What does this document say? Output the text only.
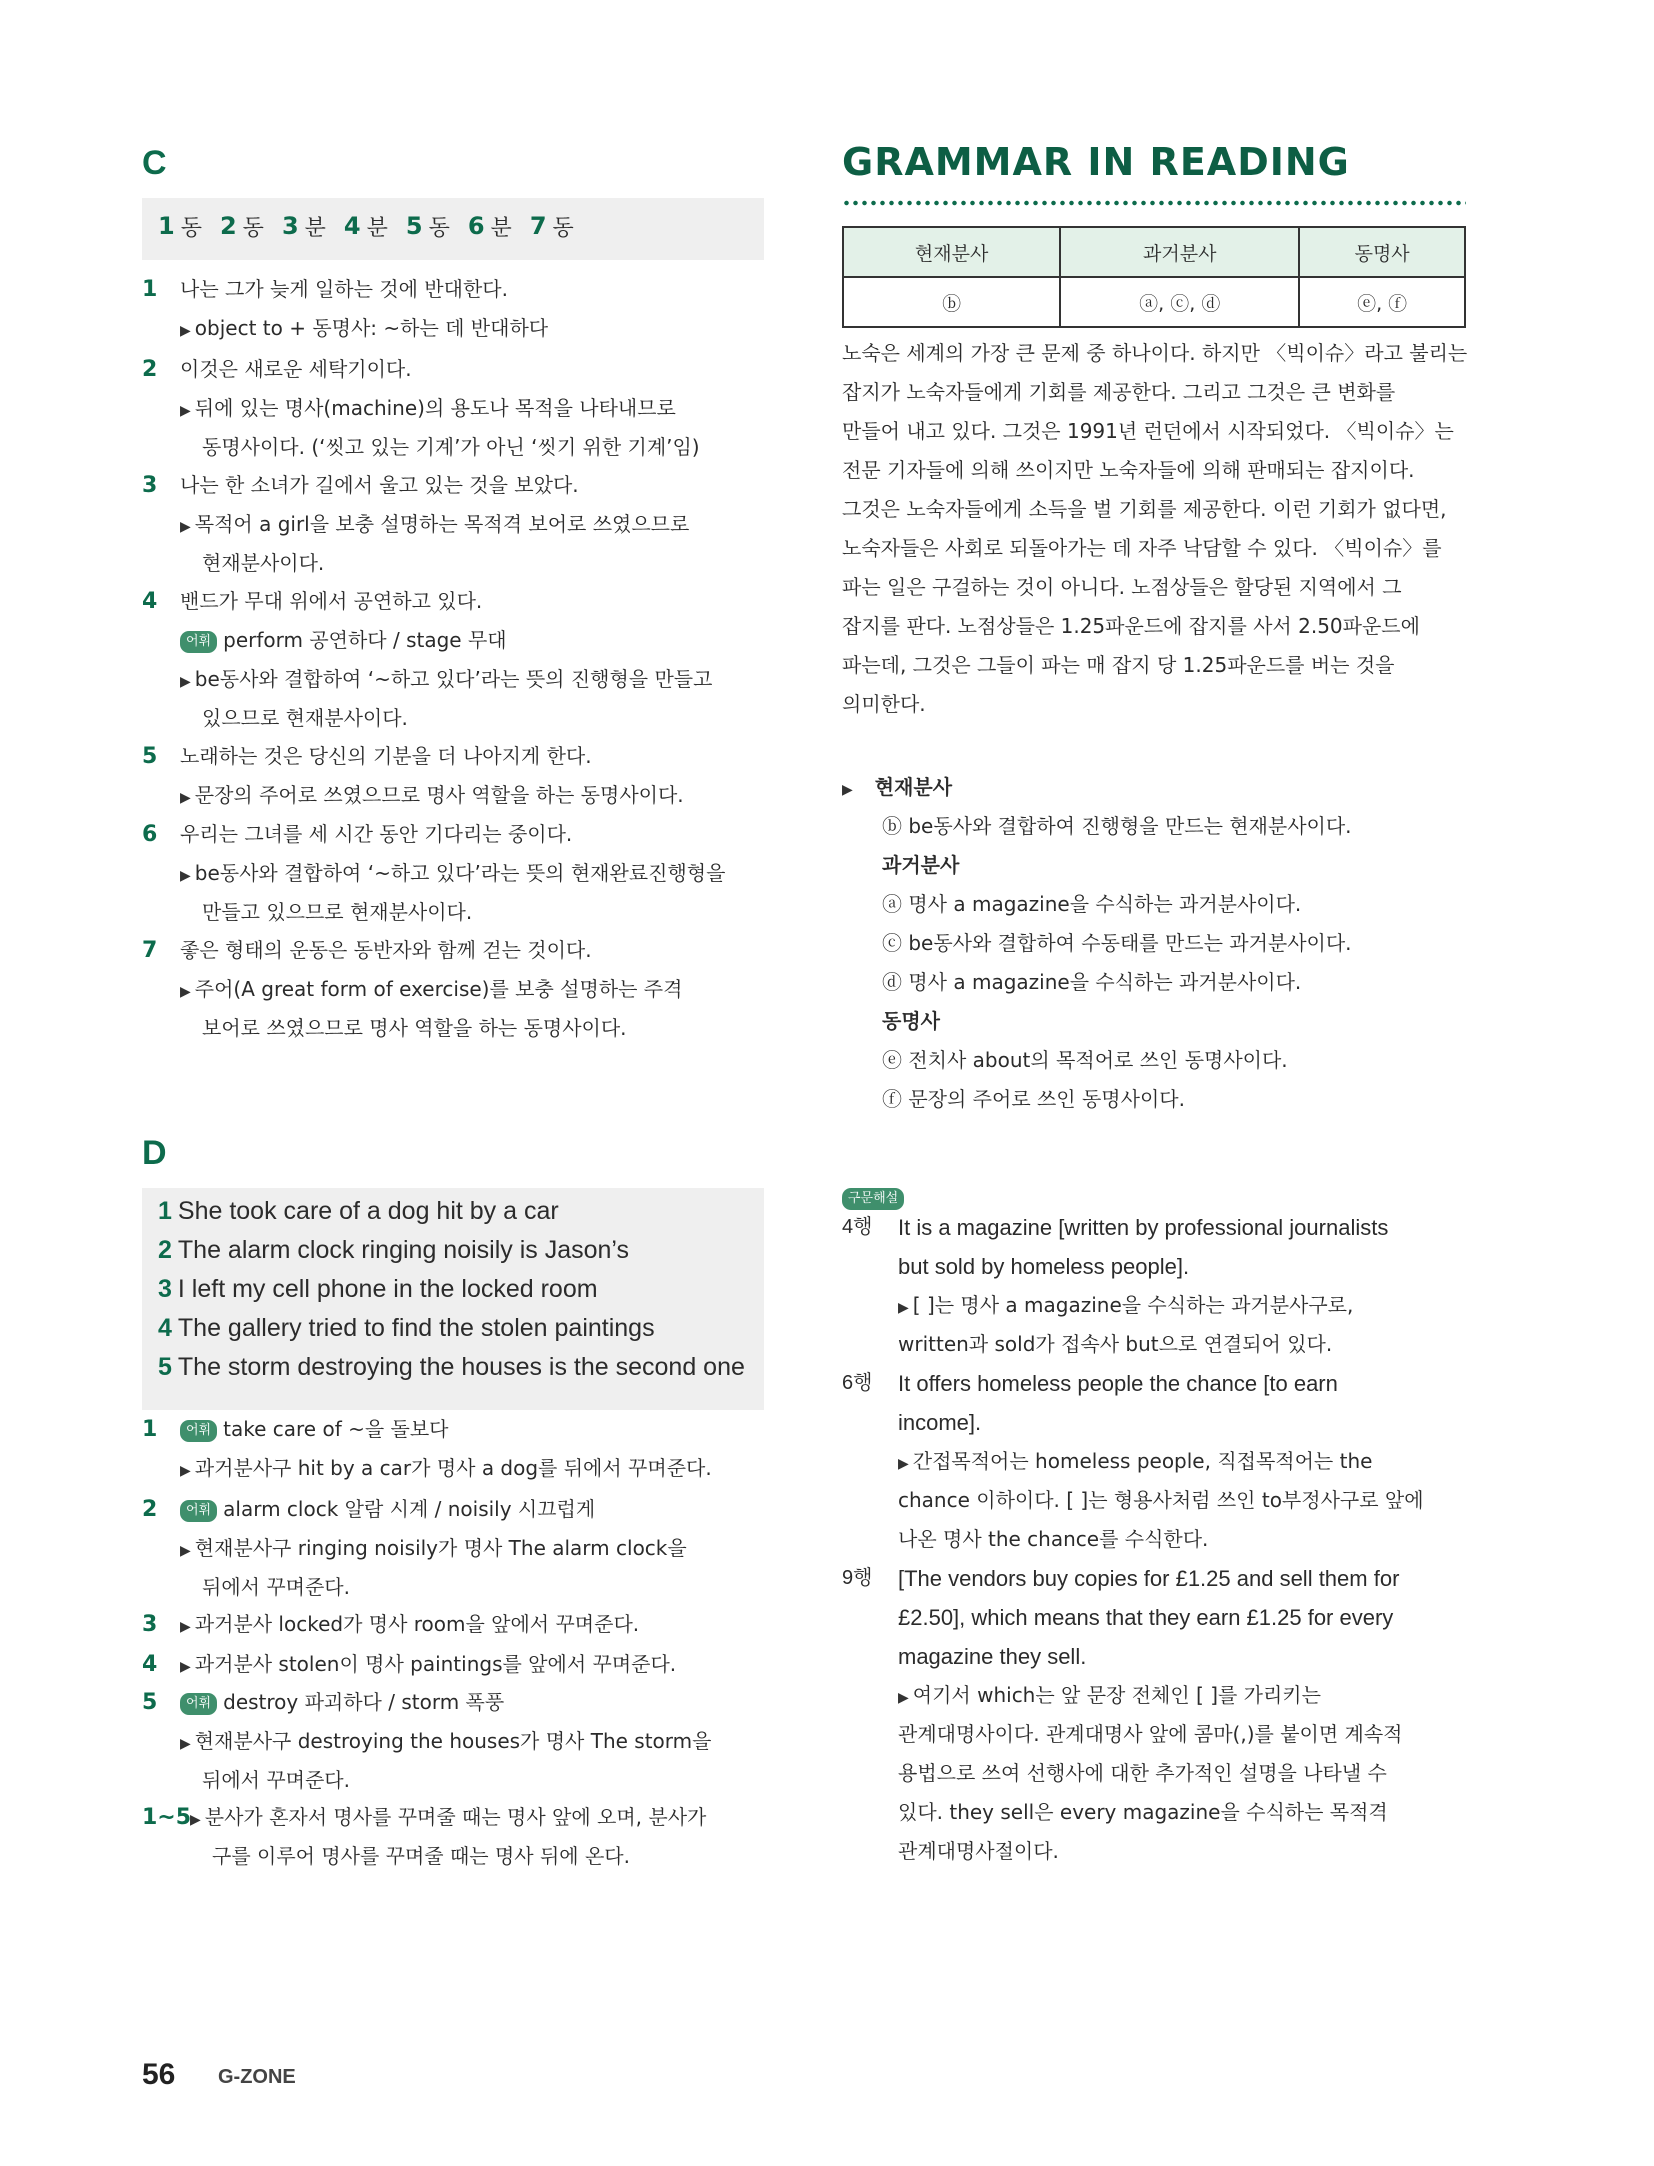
C
1 동 2 동 3 분 4 분 5 동 6 분 7 동
1 나는 그가 늦게 일하는 것에 반대한다.
▶ object to + 동명사: ~하는 데 반대하다
2 이것은 새로운 세탁기이다.
▶ 뒤에 있는 명사(machine)의 용도나 목적을 나타내므로
동명사이다. (‘씻고 있는 기계’가 아닌 ‘씻기 위한 기계’임)
3 나는 한 소녀가 길에서 울고 있는 것을 보았다.
▶ 목적어 a girl을 보충 설명하는 목적격 보어로 쓰였으므로
현재분사이다.
4 밴드가 무대 위에서 공연하고 있다.
어휘 perform 공연하다 / stage 무대
▶ be동사와 결합하여 ‘~하고 있다’라는 뜻의 진행형을 만들고
있으므로 현재분사이다.
5 노래하는 것은 당신의 기분을 더 나아지게 한다.
▶ 문장의 주어로 쓰였으므로 명사 역할을 하는 동명사이다.
6 우리는 그녀를 세 시간 동안 기다리는 중이다.
▶ be동사와 결합하여 ‘~하고 있다’라는 뜻의 현재완료진행형을
만들고 있으므로 현재분사이다.
7 좋은 형태의 운동은 동반자와 함께 걷는 것이다.
▶ 주어(A great form of exercise)를 보충 설명하는 주격
보어로 쓰였으므로 명사 역할을 하는 동명사이다.
D
1 She took care of a dog hit by a car
2 The alarm clock ringing noisily is Jason’s
3 I left my cell phone in the locked room
4 The gallery tried to find the stolen paintings
5 The storm destroying the houses is the second one
1	어휘 take care of ~을 돌보다
▶ 과거분사구 hit by a car가 명사 a dog를 뒤에서 꾸며준다.
2	어휘 alarm clock 알람 시계 / noisily 시끄럽게
▶ 현재분사구 ringing noisily가 명사 The alarm clock을
뒤에서 꾸며준다.
3 ▶ 과거분사 locked가 명사 room을 앞에서 꾸며준다.
4 ▶ 과거분사 stolen이 명사 paintings를 앞에서 꾸며준다.
5	어휘 destroy 파괴하다 / storm 폭풍
▶ 현재분사구 destroying the houses가 명사 The storm을
뒤에서 꾸며준다.
1~5
▶ 분사가 혼자서 명사를 꾸며줄 때는 명사 앞에 오며, 분사가
구를 이루어 명사를 꾸며줄 때는 명사 뒤에 온다.
GRAMMAR IN READING
현재분사	과거분사	동명사
ⓑ	ⓐ, ⓒ, ⓓ	ⓔ, ⓕ
노숙은 세계의 가장 큰 문제 중 하나이다. 하지만 〈빅이슈〉라고 불리는
잡지가 노숙자들에게 기회를 제공한다. 그리고 그것은 큰 변화를
만들어 내고 있다. 그것은 1991년 런던에서 시작되었다. 〈빅이슈〉는
전문 기자들에 의해 쓰이지만 노숙자들에 의해 판매되는 잡지이다.
그것은 노숙자들에게 소득을 벌 기회를 제공한다. 이런 기회가 없다면,
노숙자들은 사회로 되돌아가는 데 자주 낙담할 수 있다. 〈빅이슈〉를
파는 일은 구걸하는 것이 아니다. 노점상들은 할당된 지역에서 그
잡지를 판다. 노점상들은 1.25파운드에 잡지를 사서 2.50파운드에
파는데, 그것은 그들이 파는 매 잡지 당 1.25파운드를 버는 것을
의미한다.
▶ 현재분사
ⓑ be동사와 결합하여 진행형을 만드는 현재분사이다.
과거분사
ⓐ 명사 a magazine을 수식하는 과거분사이다.
ⓒ be동사와 결합하여 수동태를 만드는 과거분사이다.
ⓓ 명사 a magazine을 수식하는 과거분사이다.
동명사
ⓔ 전치사 about의 목적어로 쓰인 동명사이다.
ⓕ 문장의 주어로 쓰인 동명사이다.
구문해설
4행 It is a magazine [written by professional journalists
but sold by homeless people].
▶ [ ]는 명사 a magazine을 수식하는 과거분사구로,
written과 sold가 접속사 but으로 연결되어 있다.
6행 It offers homeless people the chance [to earn
income].
▶ 간접목적어는 homeless people, 직접목적어는 the
chance 이하이다. [ ]는 형용사처럼 쓰인 to부정사구로 앞에
나온 명사 the chance를 수식한다.
9행 [The vendors buy copies for £1.25 and sell them for
£2.50], which means that they earn £1.25 for every
magazine they sell.
▶ 여기서 which는 앞 문장 전체인 [ ]를 가리키는
관계대명사이다. 관계대명사 앞에 콤마(,)를 붙이면 계속적
용법으로 쓰여 선행사에 대한 추가적인 설명을 나타낼 수
있다. they sell은 every magazine을 수식하는 목적격
관계대명사절이다.
56 G-ZONE
